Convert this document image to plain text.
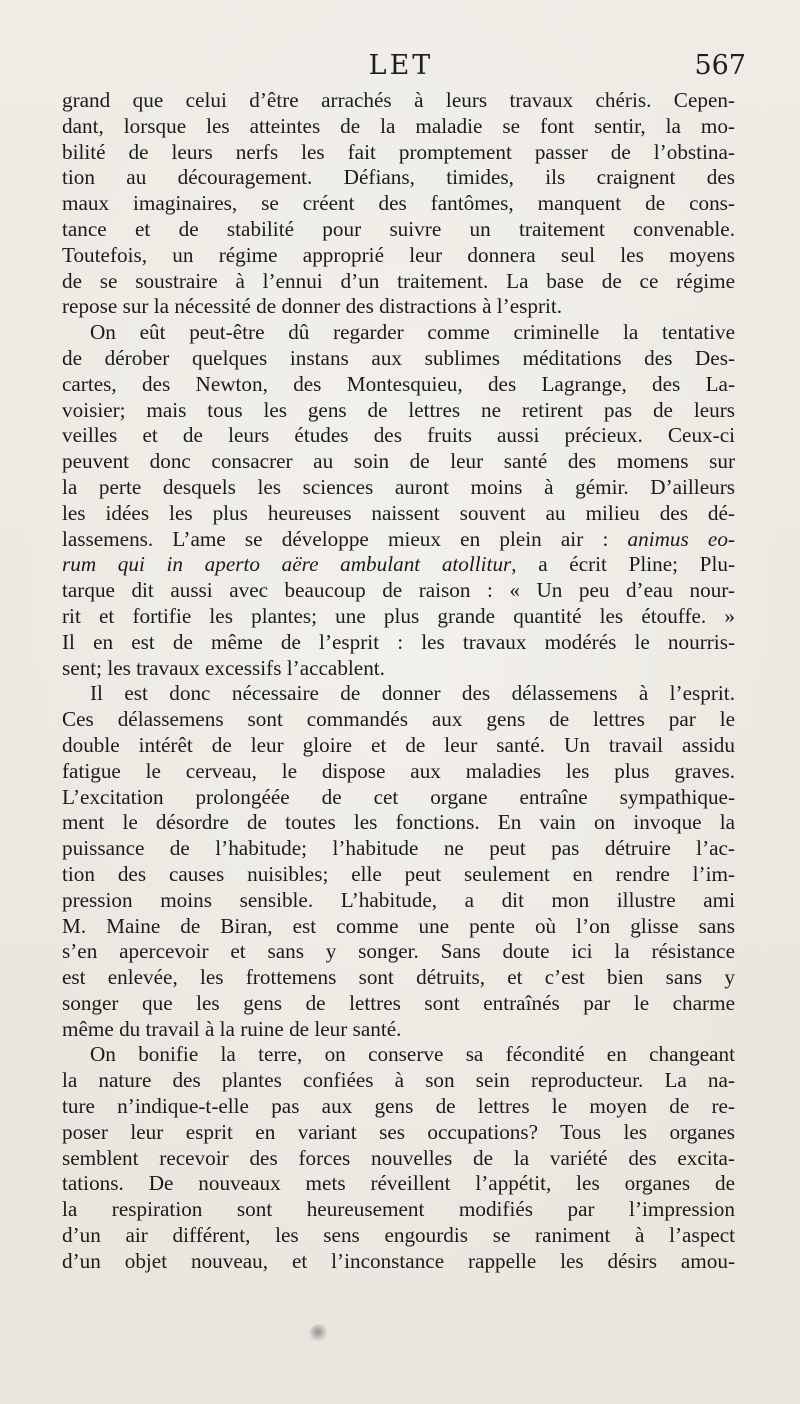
LET	567
grand que celui d’être arrachés à leurs travaux chéris. Cepen-
dant, lorsque les atteintes de la maladie se font sentir, la mo-
bilité de leurs nerfs les fait promptement passer de l’obstina-
tion au découragement. Défians, timides, ils craignent des
maux imaginaires, se créent des fantômes, manquent de cons-
tance et de stabilité pour suivre un traitement convenable.
Toutefois, un régime approprié leur donnera seul les moyens
de se soustraire à l’ennui d’un traitement. La base de ce régime
repose sur la nécessité de donner des distractions à l’esprit.
On eût peut-être dû regarder comme criminelle la tentative
de dérober quelques instans aux sublimes méditations des Des-
cartes, des Newton, des Montesquieu, des Lagrange, des La-
voisier; mais tous les gens de lettres ne retirent pas de leurs
veilles et de leurs études des fruits aussi précieux. Ceux-ci
peuvent donc consacrer au soin de leur santé des momens sur
la perte desquels les sciences auront moins à gémir. D’ailleurs
les idées les plus heureuses naissent souvent au milieu des dé-
lassemens. L’ame se développe mieux en plein air : animus eo-
rum qui in aperto aëre ambulant atollitur, a écrit Pline; Plu-
tarque dit aussi avec beaucoup de raison : « Un peu d’eau nour-
rit et fortifie les plantes; une plus grande quantité les étouffe. »
Il en est de même de l’esprit : les travaux modérés le nourris-
sent; les travaux excessifs l’accablent.
Il est donc nécessaire de donner des délassemens à l’esprit.
Ces délassemens sont commandés aux gens de lettres par le
double intérêt de leur gloire et de leur santé. Un travail assidu
fatigue le cerveau, le dispose aux maladies les plus graves.
L’excitation prolongéée de cet organe entraîne sympathique-
ment le désordre de toutes les fonctions. En vain on invoque la
puissance de l’habitude; l’habitude ne peut pas détruire l’ac-
tion des causes nuisibles; elle peut seulement en rendre l’im-
pression moins sensible. L’habitude, a dit mon illustre ami
M. Maine de Biran, est comme une pente où l’on glisse sans
s’en apercevoir et sans y songer. Sans doute ici la résistance
est enlevée, les frottemens sont détruits, et c’est bien sans y
songer que les gens de lettres sont entraînés par le charme
même du travail à la ruine de leur santé.
On bonifie la terre, on conserve sa fécondité en changeant
la nature des plantes confiées à son sein reproducteur. La na-
ture n’indique-t-elle pas aux gens de lettres le moyen de re-
poser leur esprit en variant ses occupations? Tous les organes
semblent recevoir des forces nouvelles de la variété des excita-
tations. De nouveaux mets réveillent l’appétit, les organes de
la respiration sont heureusement modifiés par l’impression
d’un air différent, les sens engourdis se raniment à l’aspect
d’un objet nouveau, et l’inconstance rappelle les désirs amou-
